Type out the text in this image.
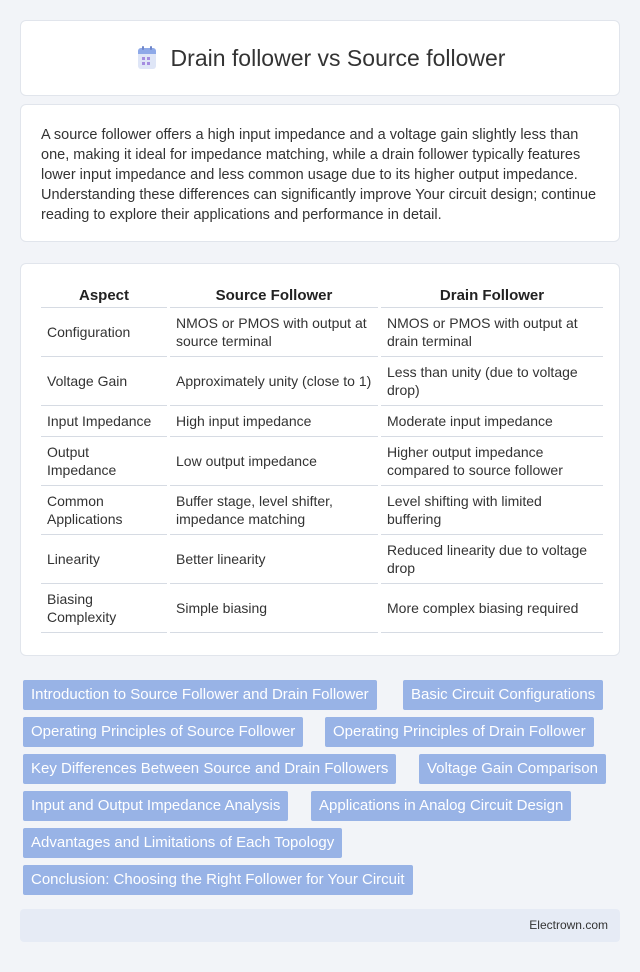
Drain follower vs Source follower

A source follower offers a high input impedance and a voltage gain slightly less than one, making it ideal for impedance matching, while a drain follower typically features lower input impedance and less common usage due to its higher output impedance. Understanding these differences can significantly improve Your circuit design; continue reading to explore their applications and performance in detail.

Aspect	Source Follower	Drain Follower
Configuration	NMOS or PMOS with output at source terminal	NMOS or PMOS with output at drain terminal
Voltage Gain	Approximately unity (close to 1)	Less than unity (due to voltage drop)
Input Impedance	High input impedance	Moderate input impedance
Output Impedance	Low output impedance	Higher output impedance compared to source follower
Common Applications	Buffer stage, level shifter, impedance matching	Level shifting with limited buffering
Linearity	Better linearity	Reduced linearity due to voltage drop
Biasing Complexity	Simple biasing	More complex biasing required
Introduction to Source Follower and Drain Follower	Basic Circuit Configurations
Operating Principles of Source Follower	Operating Principles of Drain Follower
Key Differences Between Source and Drain Followers	Voltage Gain Comparison
Input and Output Impedance Analysis	Applications in Analog Circuit Design
Advantages and Limitations of Each Topology
Conclusion: Choosing the Right Follower for Your Circuit
Electrown.com
